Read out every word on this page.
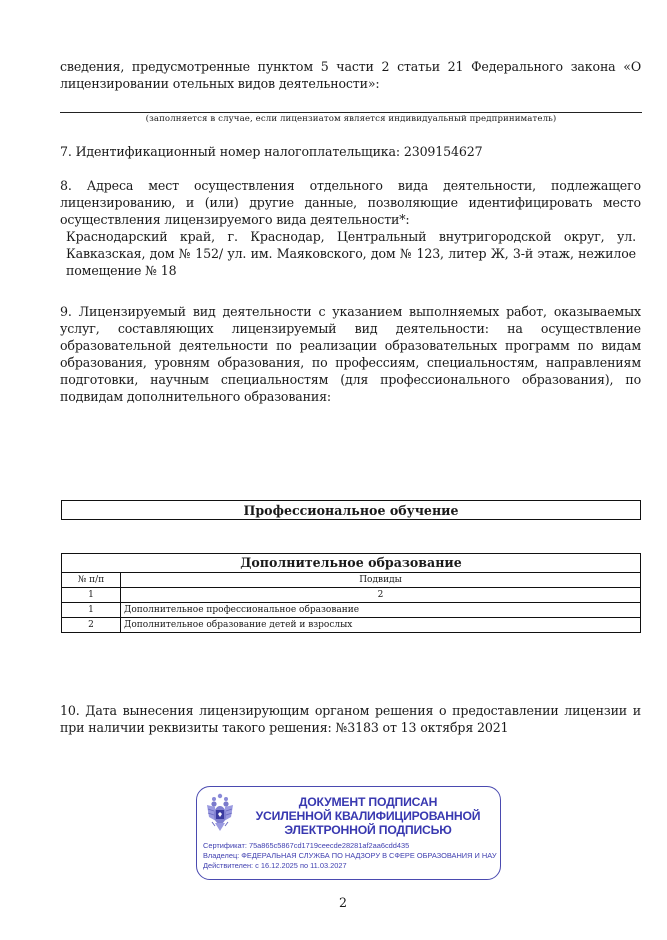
сведения, предусмотренные пунктом 5 части 2 статьи 21 Федерального закона «О лицензировании отельных видов деятельности»:
(заполняется в случае, если лицензиатом является индивидуальный предприниматель)
7. Идентификационный номер налогоплательщика: 2309154627
8. Адреса мест осуществления отдельного вида деятельности, подлежащего лицензированию, и (или) другие данные, позволяющие идентифицировать место осуществления лицензируемого вида деятельности*:
Краснодарский край, г. Краснодар, Центральный внутригородской округ, ул. Кавказская, дом № 152/ ул. им. Маяковского, дом № 123, литер Ж, 3-й этаж, нежилое помещение № 18
9. Лицензируемый вид деятельности с указанием выполняемых работ, оказываемых услуг, составляющих лицензируемый вид деятельности: на осуществление образовательной деятельности по реализации образовательных программ по видам образования, уровням образования, по профессиям, специальностям, направлениям подготовки, научным специальностям (для профессионального образования), по подвидам дополнительного образования:
Профессиональное обучение
Дополнительное образование	
№ п/п	Подвиды
1	2
1	Дополнительное профессиональное образование
2	Дополнительное образование детей и взрослых
10. Дата вынесения лицензирующим органом решения о предоставлении лицензии и при наличии реквизиты такого решения: №3183 от 13 октября 2021
ДОКУМЕНТ ПОДПИСАН
УСИЛЕННОЙ КВАЛИФИЦИРОВАННОЙ
ЭЛЕКТРОННОЙ ПОДПИСЬЮ
Сертификат: 75a865c5867cd1719ceecde28281af2aa6cdd435
Владелец: ФЕДЕРАЛЬНАЯ СЛУЖБА ПО НАДЗОРУ В СФЕРЕ ОБРАЗОВАНИЯ И НАУ
Действителен: с 16.12.2025 по 11.03.2027
2
